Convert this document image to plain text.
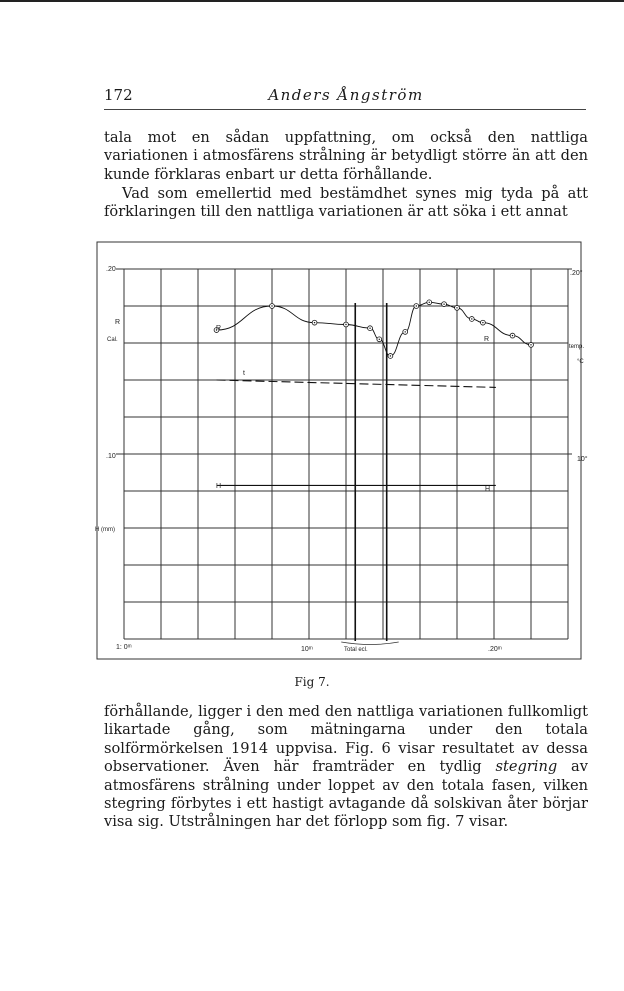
172	Anders Ångström

tala mot en sådan uppfattning, om också den nattliga variationen i atmosfärens strålning är betydligt större än att den kunde förklaras enbart ur detta förhållande.

Vad som emellertid med bestämdhet synes mig tyda på att förklaringen till den nattliga variationen är att söka i ett annat

.20
R
Cal.
.10
H (mm)
.20°
temp.
°C
10°
1: 0ᵐ	10ᵐ	Total ecl.	.20ᵐ
R
R
t
H	H
Fig 7.

förhållande, ligger i den med den nattliga variationen fullkomligt likartade gång, som mätningarna under den totala solförmörkelsen 1914 uppvisa. Fig. 6 visar resultatet av dessa observationer. Även här framträder en tydlig stegring av atmosfärens strålning under loppet av den totala fasen, vilken stegring förbytes i ett hastigt avtagande då solskivan åter börjar visa sig. Utstrålningen har det förlopp som fig. 7 visar.
